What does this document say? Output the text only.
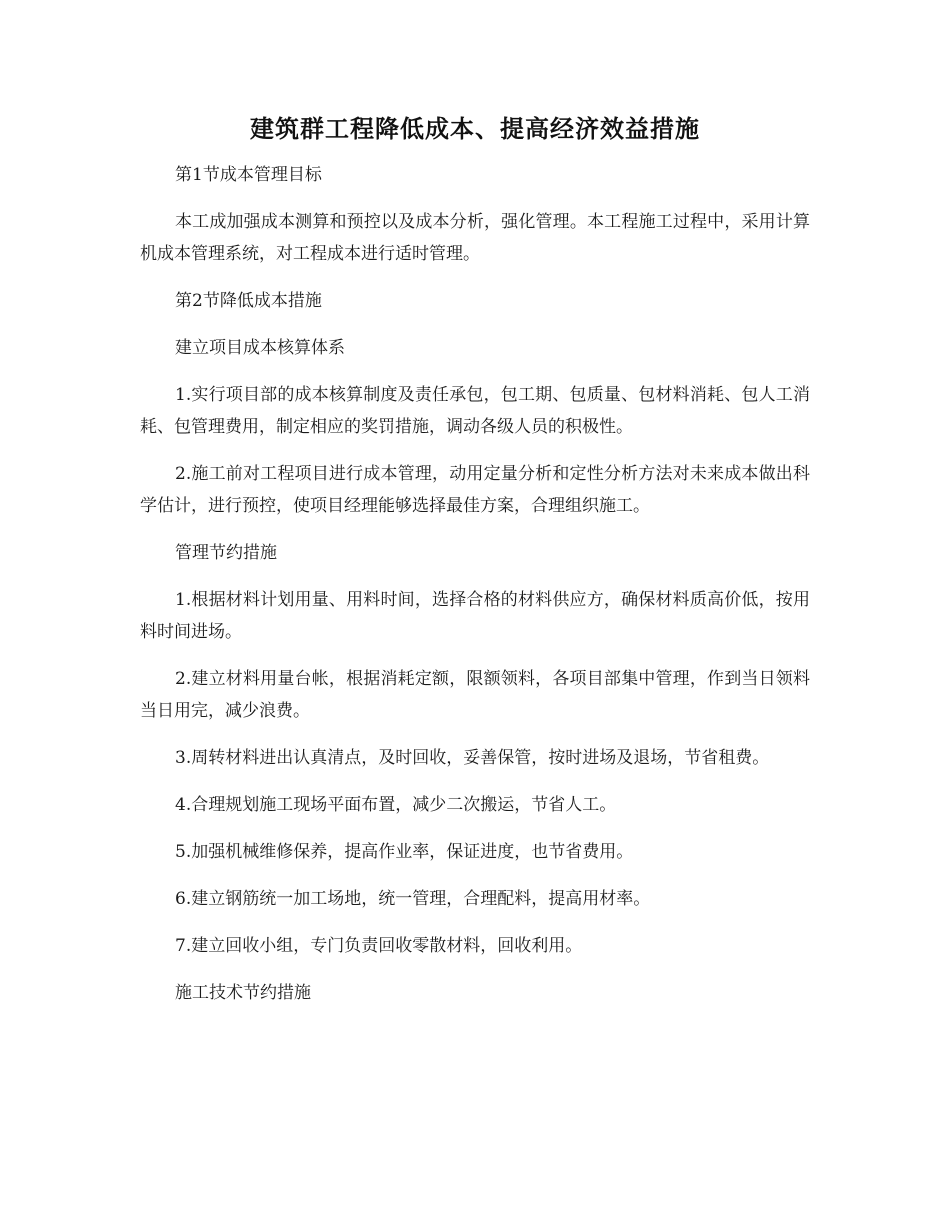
建筑群工程降低成本、提高经济效益措施

第1节成本管理目标

本工成加强成本测算和预控以及成本分析，强化管理。本工程施工过程中，采用计算机成本管理系统，对工程成本进行适时管理。

第2节降低成本措施

建立项目成本核算体系

1.实行项目部的成本核算制度及责任承包，包工期、包质量、包材料消耗、包人工消耗、包管理费用，制定相应的奖罚措施，调动各级人员的积极性。

2.施工前对工程项目进行成本管理，动用定量分析和定性分析方法对未来成本做出科学估计，进行预控，使项目经理能够选择最佳方案，合理组织施工。

管理节约措施

1.根据材料计划用量、用料时间，选择合格的材料供应方，确保材料质高价低，按用料时间进场。

2.建立材料用量台帐，根据消耗定额，限额领料，各项目部集中管理，作到当日领料当日用完，减少浪费。

3.周转材料进出认真清点，及时回收，妥善保管，按时进场及退场，节省租费。

4.合理规划施工现场平面布置，减少二次搬运，节省人工。

5.加强机械维修保养，提高作业率，保证进度，也节省费用。

6.建立钢筋统一加工场地，统一管理，合理配料，提高用材率。

7.建立回收小组，专门负责回收零散材料，回收利用。

施工技术节约措施
